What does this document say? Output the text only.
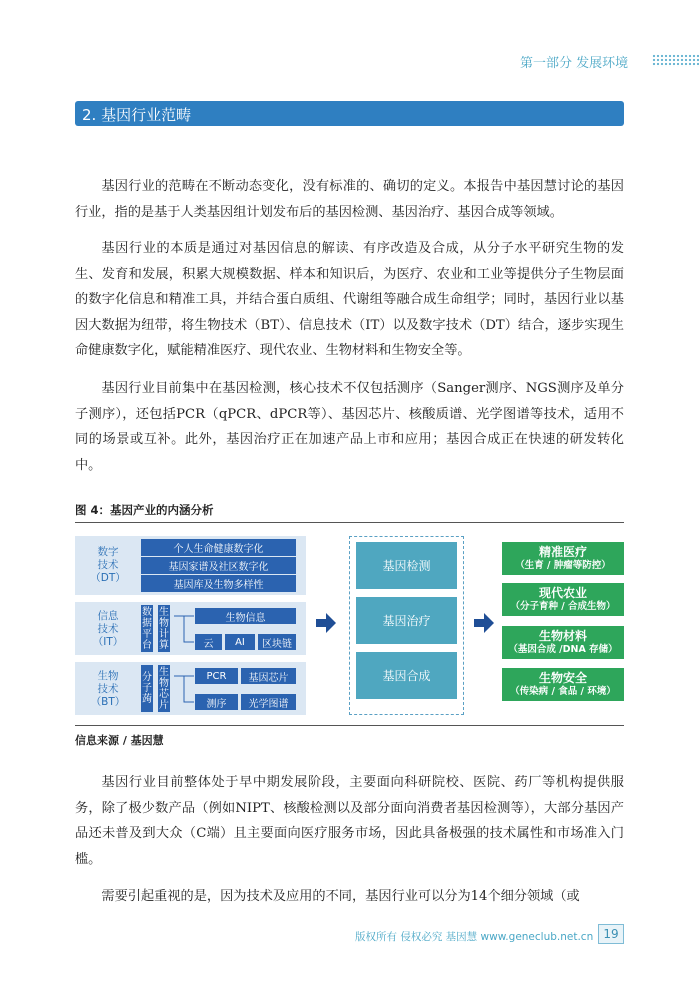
第一部分 发展环境
2. 基因行业范畴

基因行业的范畴在不断动态变化，没有标准的、确切的定义。本报告中基因慧讨论的基因行业，指的是基于人类基因组计划发布后的基因检测、基因治疗、基因合成等领域。

基因行业的本质是通过对基因信息的解读、有序改造及合成，从分子水平研究生物的发生、发育和发展，积累大规模数据、样本和知识后，为医疗、农业和工业等提供分子生物层面的数字化信息和精准工具，并结合蛋白质组、代谢组等融合成生命组学；同时，基因行业以基因大数据为纽带，将生物技术（BT）、信息技术（IT）以及数字技术（DT）结合，逐步实现生命健康数字化，赋能精准医疗、现代农业、生物材料和生物安全等。

基因行业目前集中在基因检测，核心技术不仅包括测序（Sanger测序、NGS测序及单分子测序），还包括PCR（qPCR、dPCR等）、基因芯片、核酸质谱、光学图谱等技术，适用不同的场景或互补。此外，基因治疗正在加速产品上市和应用；基因合成正在快速的研发转化中。

图 4：基因产业的内涵分析
数字
技术
（DT）
个人生命健康数字化
基因家谱及社区数字化
基因库及生物多样性
信息
技术
（IT）
数据平台
生物计算
生物信息
云	AI	区块链
生物
技术
（BT）
分子蒟
生物芯片
PCR	基因芯片
测序	光学图谱
基因检测
基因治疗
基因合成
精准医疗
（生育 / 肿瘤等防控）
现代农业
（分子育种 / 合成生物）
生物材料
（基因合成 /DNA 存储）
生物安全
（传染病 / 食品 / 环境）
信息来源 / 基因慧

基因行业目前整体处于早中期发展阶段，主要面向科研院校、医院、药厂等机构提供服务，除了极少数产品（例如NIPT、核酸检测以及部分面向消费者基因检测等），大部分基因产品还未普及到大众（C端）且主要面向医疗服务市场，因此具备极强的技术属性和市场准入门槛。

需要引起重视的是，因为技术及应用的不同，基因行业可以分为14个细分领域（或

版权所有 侵权必究 基因慧 www.geneclub.net.cn 19
